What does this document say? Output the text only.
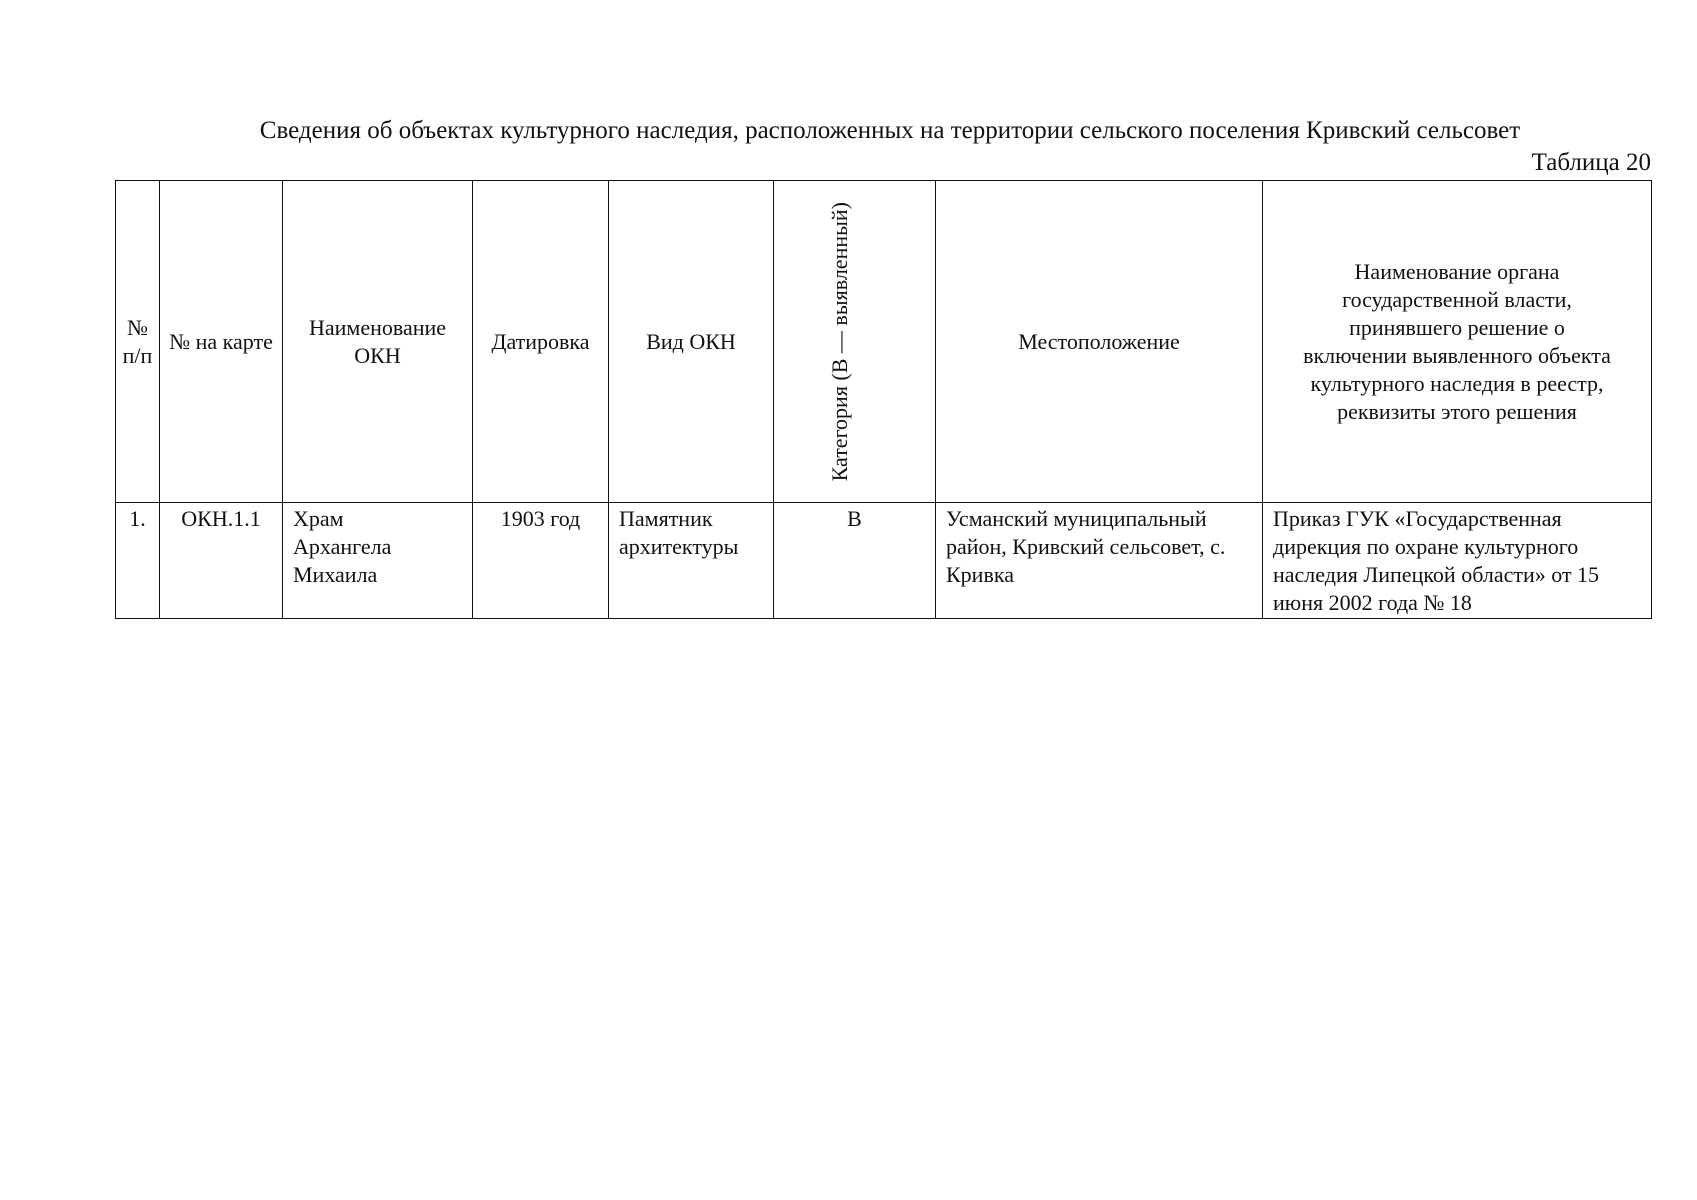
Сведения об объектах культурного наследия, расположенных на территории сельского поселения Кривский сельсовет
Таблица 20
№ п/п	№ на карте	Наименование ОКН	Датировка	Вид ОКН	Категория (В — выявленный)	Местоположение	Наименование органа государственной власти, принявшего решение о включении выявленного объекта культурного наследия в реестр, реквизиты этого решения
1.	ОКН.1.1	Храм Архангела Михаила	1903 год	Памятник архитектуры	В	Усманский муниципальный район, Кривский сельсовет, с. Кривка	Приказ ГУК «Государственная дирекция по охране культурного наследия Липецкой области» от 15 июня 2002 года № 18
